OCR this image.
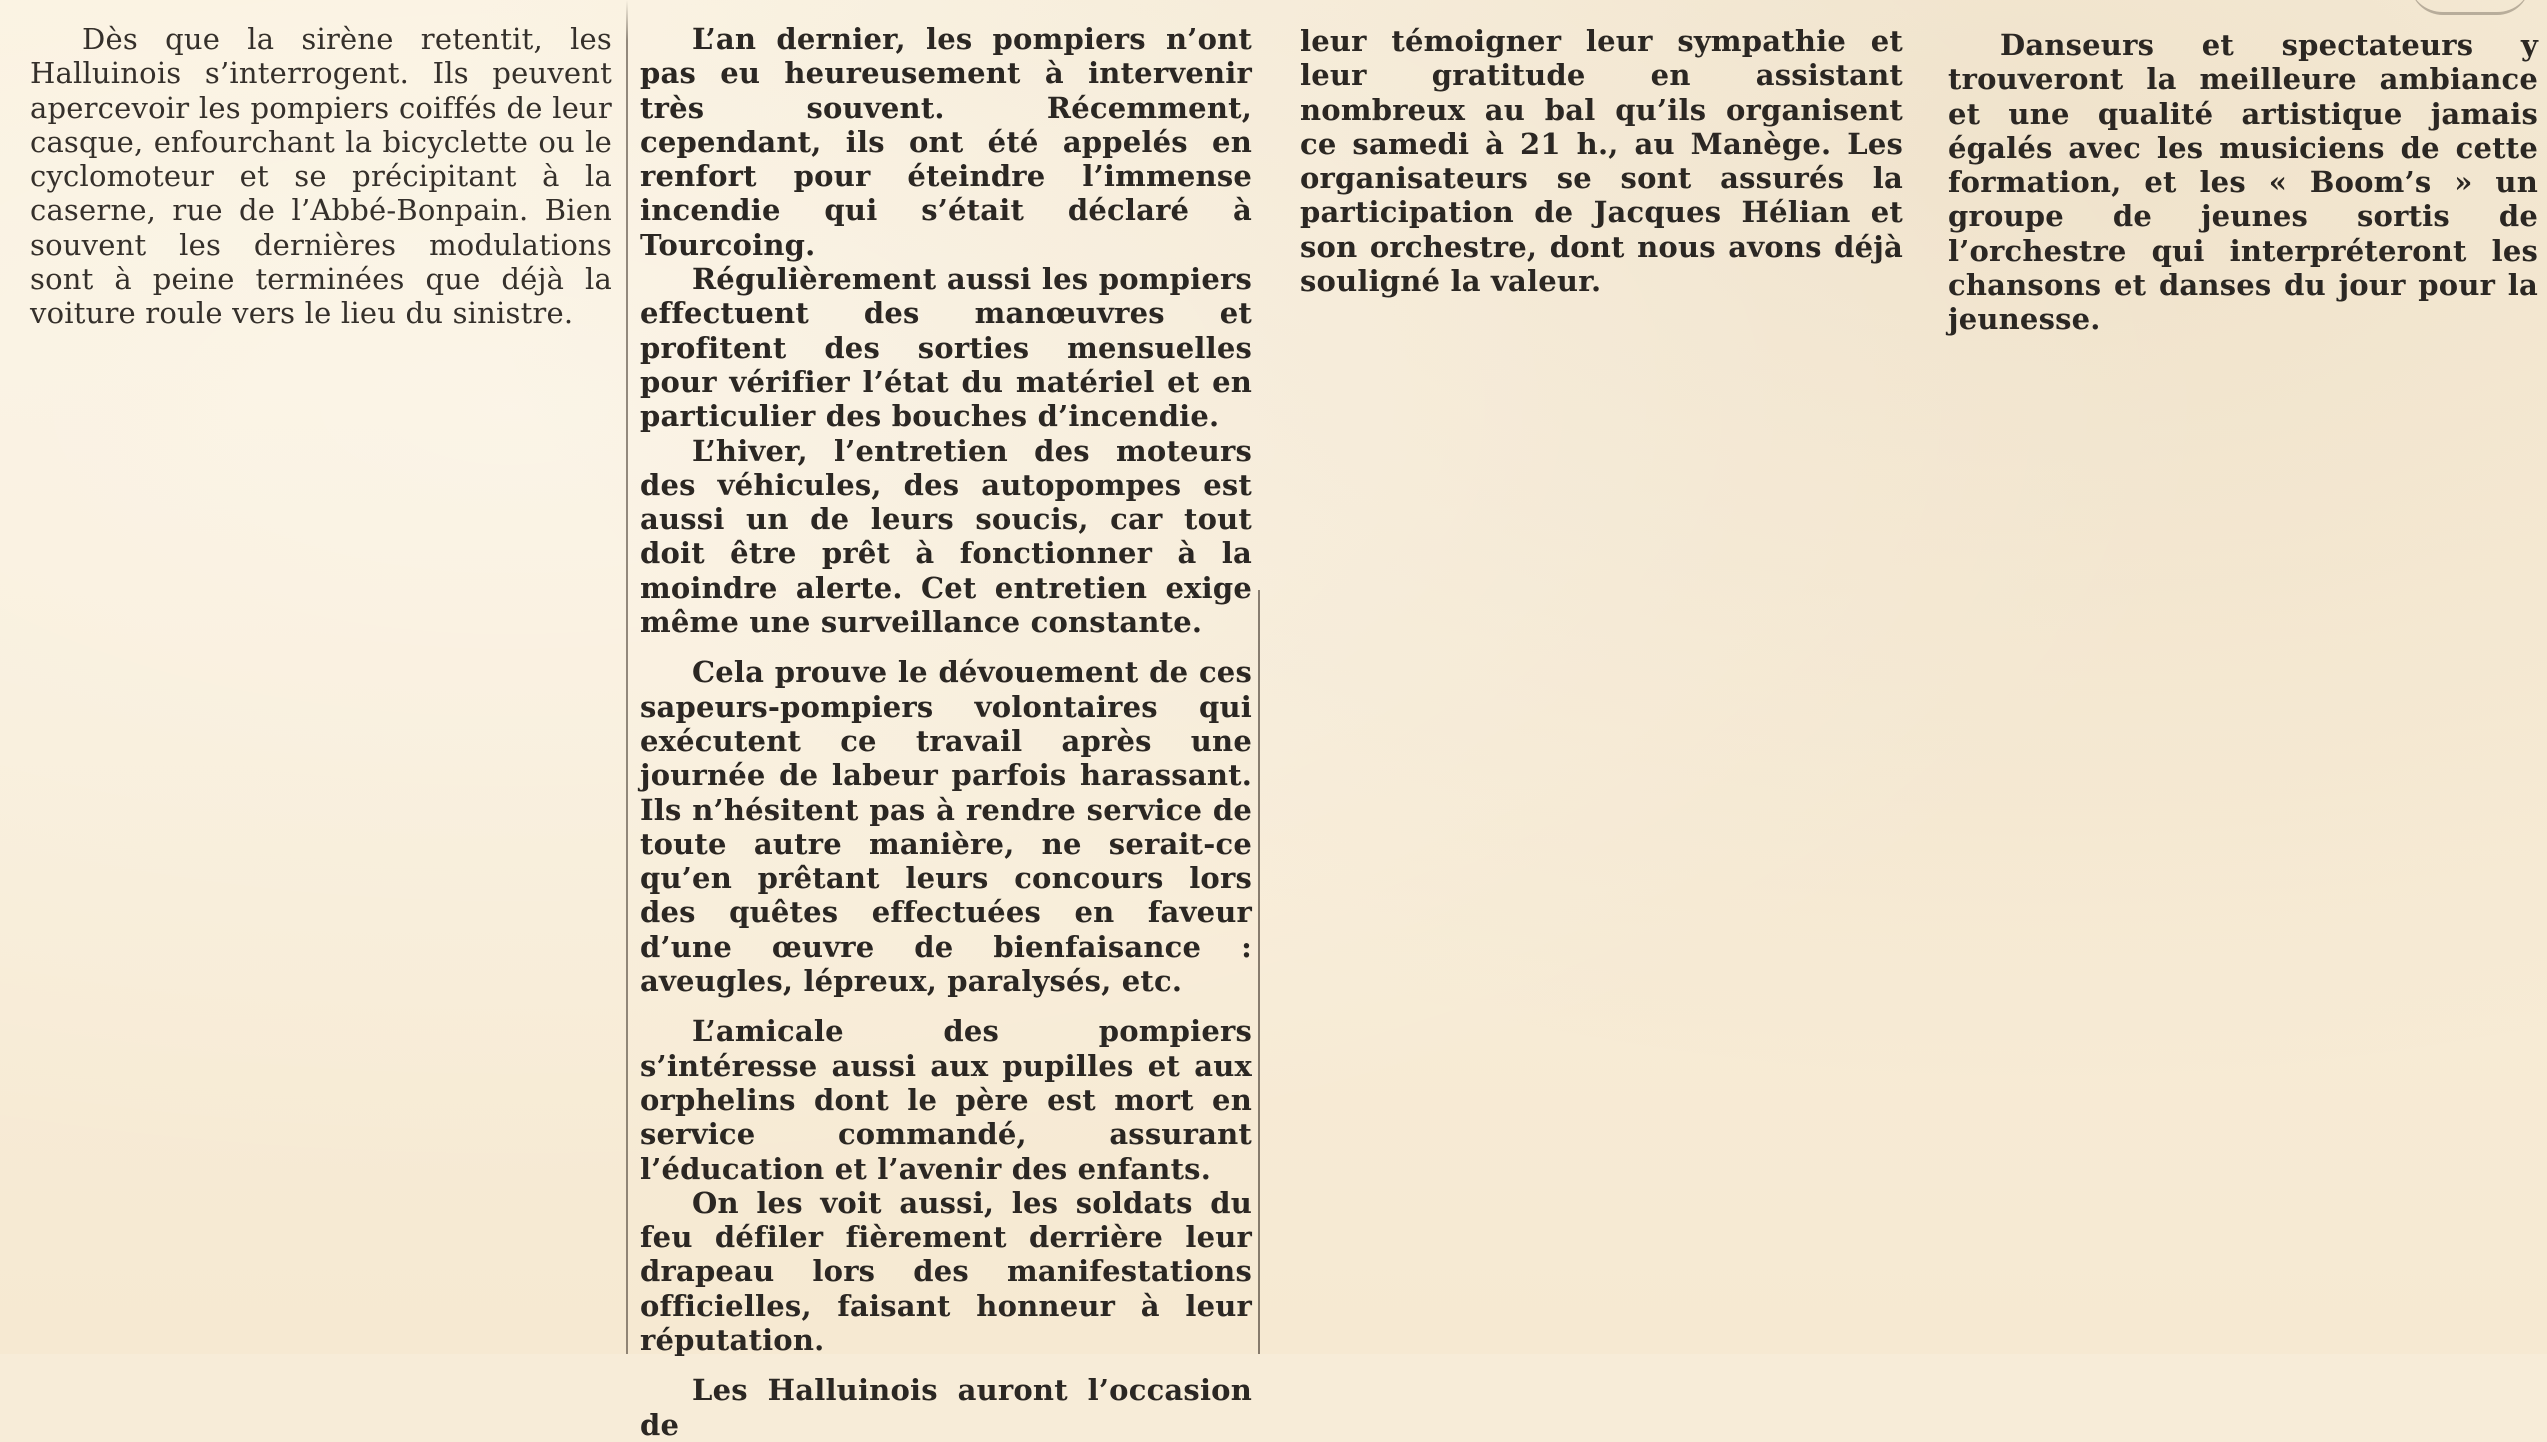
Dès que la sirène retentit, les Halluinois s’interrogent. Ils peuvent apercevoir les pompiers coiffés de leur casque, enfourchant la bicyclette ou le cyclomoteur et se précipitant à la caserne, rue de l’Abbé-Bonpain. Bien souvent les dernières modulations sont à peine terminées que déjà la voiture roule vers le lieu du sinistre.

L’an dernier, les pompiers n’ont pas eu heureusement à intervenir très souvent. Récemment, cependant, ils ont été appelés en renfort pour éteindre l’immense incendie qui s’était déclaré à Tourcoing.

Régulièrement aussi les pompiers effectuent des manœuvres et profitent des sorties mensuelles pour vérifier l’état du matériel et en particulier des bouches d’incendie.

L’hiver, l’entretien des moteurs des véhicules, des autopompes est aussi un de leurs soucis, car tout doit être prêt à fonctionner à la moindre alerte. Cet entretien exige même une surveillance constante.

Cela prouve le dévouement de ces sapeurs-pompiers volontaires qui exécutent ce travail après une journée de labeur parfois harassant. Ils n’hésitent pas à rendre service de toute autre manière, ne serait-ce qu’en prêtant leurs concours lors des quêtes effectuées en faveur d’une œuvre de bienfaisance : aveugles, lépreux, paralysés, etc.

L’amicale des pompiers s’intéresse aussi aux pupilles et aux orphelins dont le père est mort en service commandé, assurant l’éducation et l’avenir des enfants.

On les voit aussi, les soldats du feu défiler fièrement derrière leur drapeau lors des manifestations officielles, faisant honneur à leur réputation.

Les Halluinois auront l’occasion de

leur témoigner leur sympathie et leur gratitude en assistant nombreux au bal qu’ils organisent ce samedi à 21 h., au Manège. Les organisateurs se sont assurés la participation de Jacques Hélian et son orchestre, dont nous avons déjà souligné la valeur.

Danseurs et spectateurs y trouveront la meilleure ambiance et une qualité artistique jamais égalés avec les musiciens de cette formation, et les « Boom’s » un groupe de jeunes sortis de l’orchestre qui interpréteront les chansons et danses du jour pour la jeunesse.
